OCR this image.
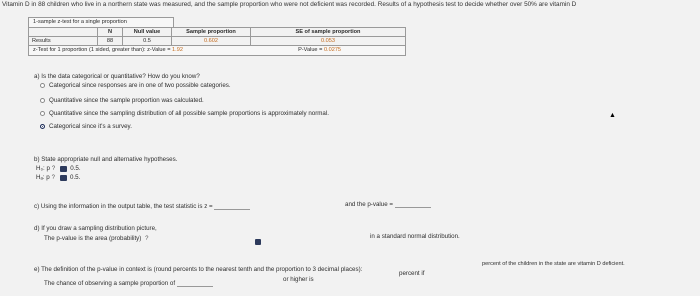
Vitamin D in 88 children who live in a northern state was measured, and the sample proportion who were not deficient was recorded. Results of a hypothesis test to decide whether over 50% are vitamin D
1-sample z-test for a single proportion
	N	Null value	Sample proportion	SE of sample proportion
Results	88	0.5	0.602	0.053
z-Test for 1 proportion (1 sided, greater than): z-Value = 1.92	P-Value = 0.0275
a) Is the data categorical or quantitative? How do you know?
Categorical since responses are in one of two possible categories.
Quantitative since the sample proportion was calculated.
Quantitative since the sampling distribution of all possible sample proportions is approximately normal.
Categorical since it's a survey.
b) State appropriate null and alternative hypotheses.
H₀: p ? 0.5.
Hₐ: p ? 0.5.
c) Using the information in the output table, the test statistic is z =	and the p-value =
d) If you draw a sampling distribution picture,
The p-value is the area (probability) ?	in a standard normal distribution.
e) The definition of the p-value in context is (round percents to the nearest tenth and the proportion to 3 decimal places):
The chance of observing a sample proportion of
or higher is
percent if
percent of the children in the state are vitamin D deficient.
▲
